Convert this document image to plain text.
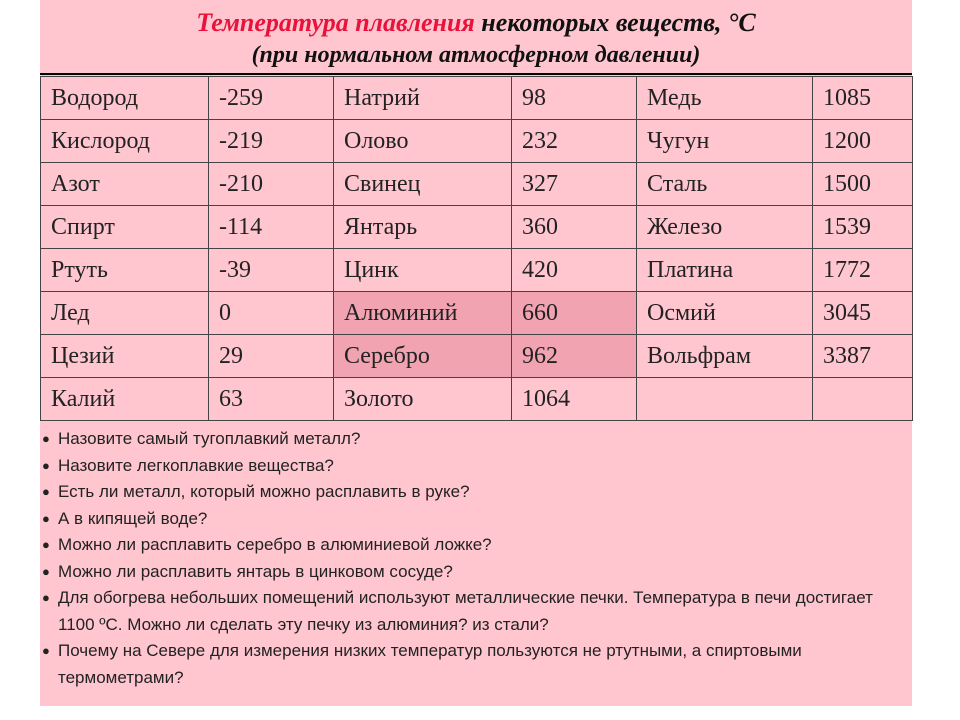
Температура плавления некоторых веществ, °С
(при нормальном атмосферном давлении)
Водород	-259	Натрий	98	Медь	1085
Кислород	-219	Олово	232	Чугун	1200
Азот	-210	Свинец	327	Сталь	1500
Спирт	-114	Янтарь	360	Железо	1539
Ртуть	-39	Цинк	420	Платина	1772
Лед	0	Алюминий	660	Осмий	3045
Цезий	29	Серебро	962	Вольфрам	3387
Калий	63	Золото	1064		
● Назовите самый тугоплавкий металл?
● Назовите легкоплавкие вещества?
● Есть ли металл, который можно расплавить в руке?
● А в кипящей воде?
● Можно ли расплавить серебро в алюминиевой ложке?
● Можно ли расплавить янтарь в цинковом сосуде?
● Для обогрева небольших помещений используют металлические печки. Температура в печи достигает 1100 ºС. Можно ли сделать эту печку из алюминия? из стали?
● Почему на Севере для измерения низких температур пользуются не ртутными, а спиртовыми термометрами?
